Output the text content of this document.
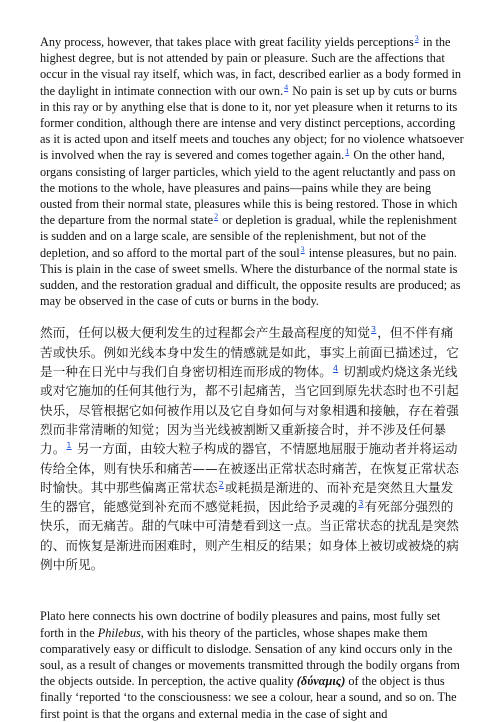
Any process, however, that takes place with great facility yields perceptions$^3$ in the highest degree, but is not attended by pain or pleasure. Such are the affections that occur in the visual ray itself, which was, in fact, described earlier as a body formed in the daylight in intimate connection with our own.$^4$ No pain is set up by cuts or burns in this ray or by anything else that is done to it, nor yet pleasure when it returns to its former condition, although there are intense and very distinct perceptions, according as it is acted upon and itself meets and touches any object; for no violence whatsoever is involved when the ray is severed and comes together again.$^1$ On the other hand, organs consisting of larger particles, which yield to the agent reluctantly and pass on the motions to the whole, have pleasures and pains—pains while they are being ousted from their normal state, pleasures while this is being restored. Those in which the departure from the normal state$^2$ or depletion is gradual, while the replenishment is sudden and on a large scale, are sensible of the replenishment, but not of the depletion, and so afford to the mortal part of the soul$^3$ intense pleasures, but no pain. This is plain in the case of sweet smells. Where the disturbance of the normal state is sudden, and the restoration gradual and difficult, the opposite results are produced; as may be observed in the case of cuts or burns in the body.

然而，任何以极大便利发生的过程都会产生最高程度的知觉$^3$，但不伴有痛苦或快乐。例如光线本身中发生的情感就是如此，事实上前面已描述过，它是一种在日光中与我们自身密切相连而形成的物体。$^4$ 切割或灼烧这条光线或对它施加的任何其他行为，都不引起痛苦，当它回到原先状态时也不引起快乐，尽管根据它如何被作用以及它自身如何与对象相遇和接触，存在着强烈而非常清晰的知觉；因为当光线被割断又重新接合时，并不涉及任何暴力。$^1$ 另一方面，由较大粒子构成的器官，不情愿地屈服于施动者并将运动传给全体，则有快乐和痛苦——在被逐出正常状态时痛苦，在恢复正常状态时愉快。其中那些偏离正常状态$^2$或耗损是渐进的、而补充是突然且大量发生的器官，能感觉到补充而不感觉耗损，因此给予灵魂的$^3$有死部分强烈的快乐，而无痛苦。甜的气味中可清楚看到这一点。当正常状态的扰乱是突然的、而恢复是渐进而困难时，则产生相反的结果；如身体上被切或被烧的病例中所见。

Plato here connects his own doctrine of bodily pleasures and pains, most fully set forth in the Philebus, with his theory of the particles, whose shapes make them comparatively easy or difficult to dislodge. Sensation of any kind occurs only in the soul, as a result of changes or movements transmitted through the bodily organs from the objects outside. In perception, the active quality (δύναμις) of the object is thus finally ‘reported ‘to the consciousness: we see a colour, hear a sound, and so on. The first point is that the organs and external media in the case of sight and
